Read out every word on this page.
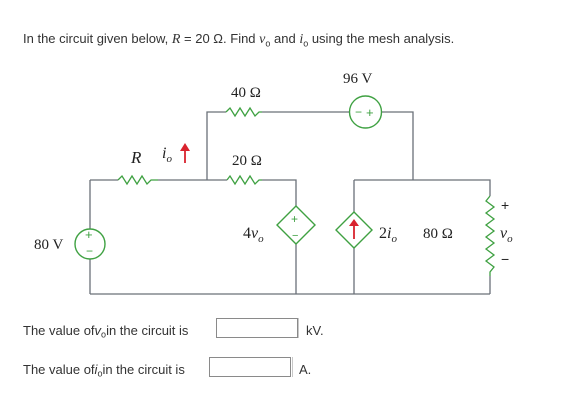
In the circuit given below, R = 20 Ω. Find $v_o$ and $i_o$ using the mesh analysis.
− +
+
−
+
−
40 Ω
96 V
20 Ω
R $i_o$
80 V
$4v_o$	$2i_o$ 80 Ω
+
$v_o$
−
The value ofv$_o$in the circuit is	kV.
The value ofi$_o$in the circuit is	A.
